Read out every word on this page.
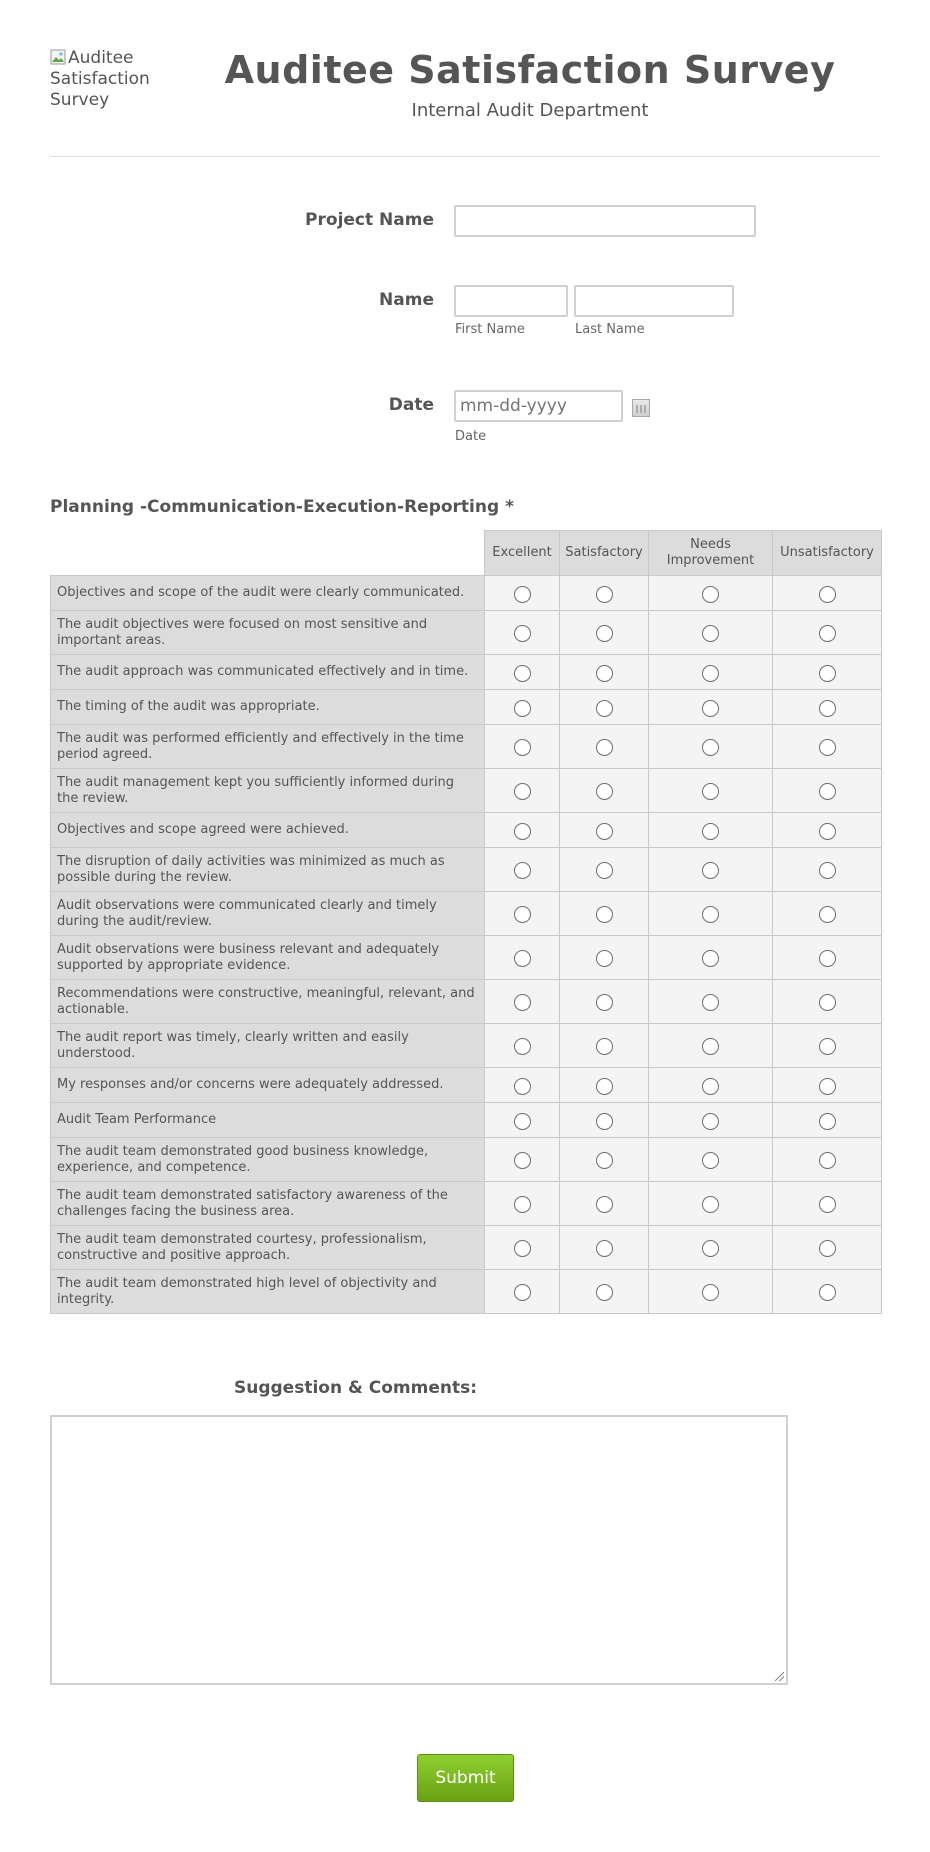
Auditee Satisfaction Survey
Auditee Satisfaction Survey
Internal Audit Department
Project Name
Name
First Name	Last Name
Date
mm-dd-yyyy
Date
Planning -Communication-Execution-Reporting *
	Excellent	Satisfactory	Needs Improvement	Unsatisfactory
Objectives and scope of the audit were clearly communicated.				
The audit objectives were focused on most sensitive and important areas.				
The audit approach was communicated effectively and in time.				
The timing of the audit was appropriate.				
The audit was performed efficiently and effectively in the time period agreed.				
The audit management kept you sufficiently informed during the review.				
Objectives and scope agreed were achieved.				
The disruption of daily activities was minimized as much as possible during the review.				
Audit observations were communicated clearly and timely during the audit/review.				
Audit observations were business relevant and adequately supported by appropriate evidence.				
Recommendations were constructive, meaningful, relevant, and actionable.				
The audit report was timely, clearly written and easily understood.				
My responses and/or concerns were adequately addressed.				
Audit Team Performance				
The audit team demonstrated good business knowledge, experience, and competence.				
The audit team demonstrated satisfactory awareness of the challenges facing the business area.				
The audit team demonstrated courtesy, professionalism, constructive and positive approach.				
The audit team demonstrated high level of objectivity and integrity.				
Suggestion & Comments:
Submit
